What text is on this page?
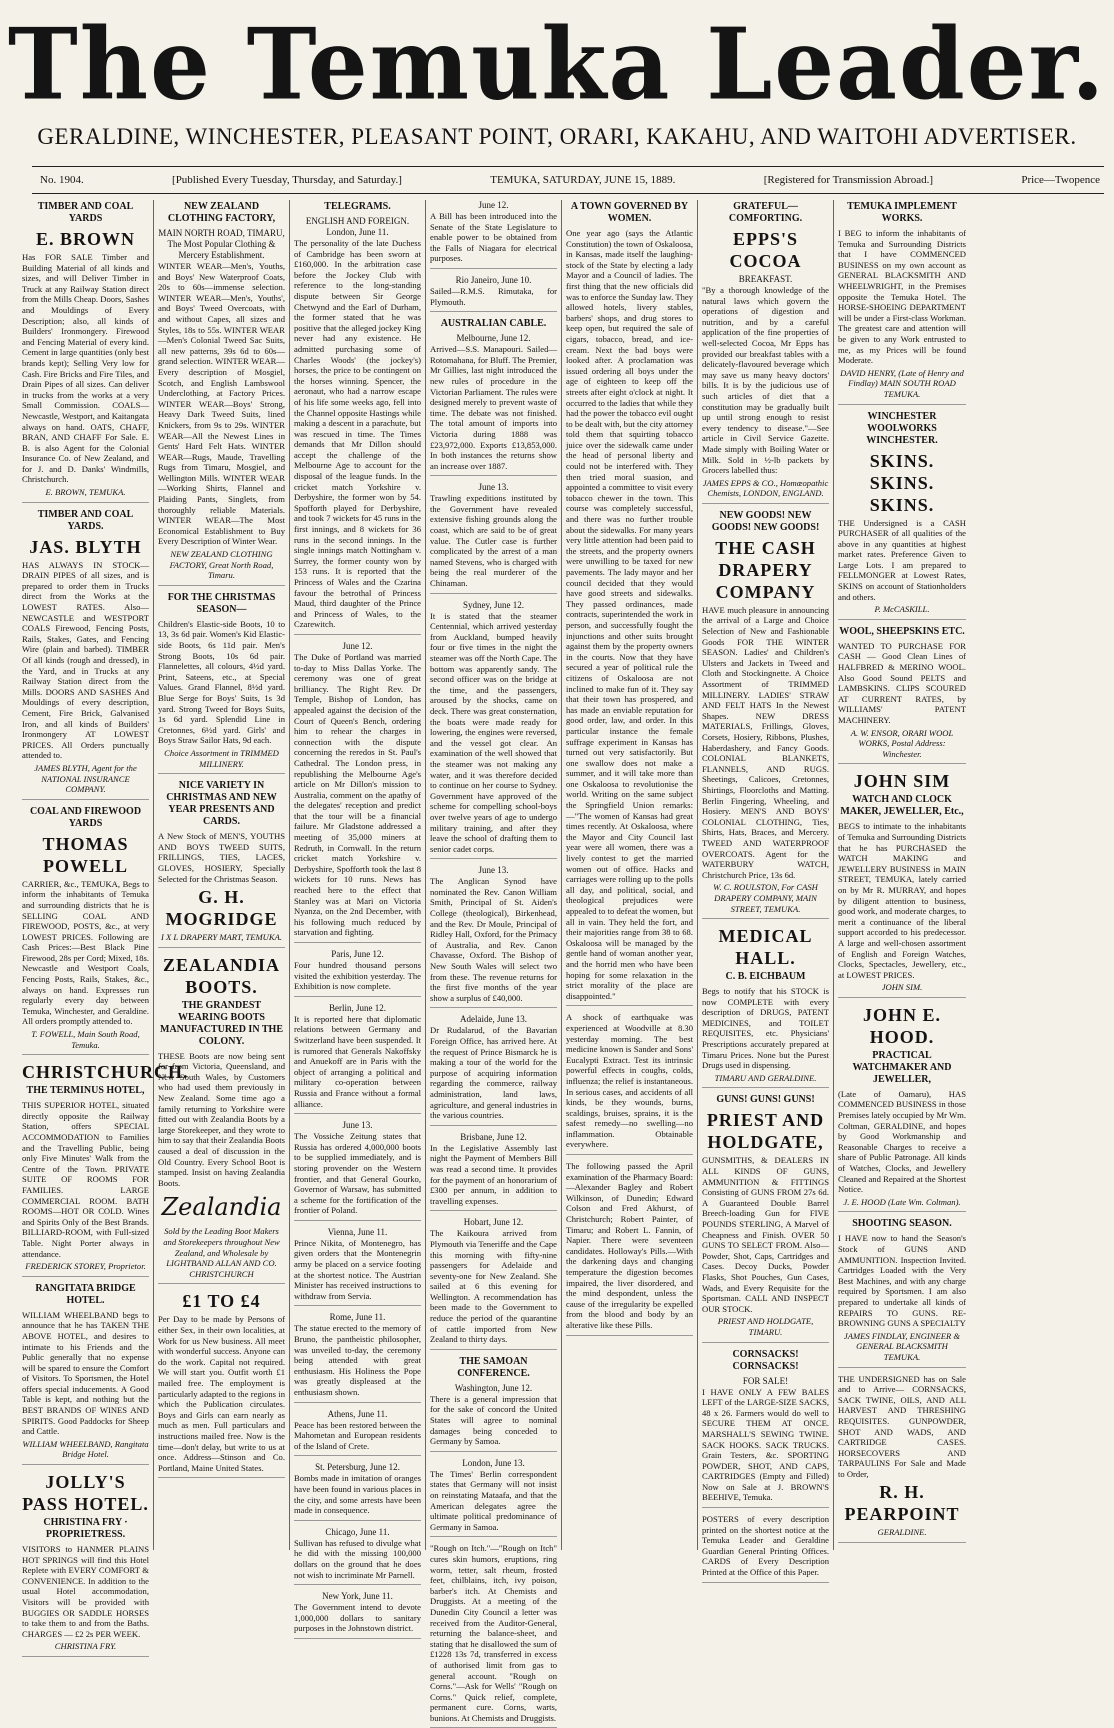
The Temuka Leader.
GERALDINE, WINCHESTER, PLEASANT POINT, ORARI, KAKAHU, AND WAITOHI ADVERTISER.
No. 1904.	[Published Every Tuesday, Thursday, and Saturday.]	TEMUKA, SATURDAY, JUNE 15, 1889.	[Registered for Transmission Abroad.]	Price—Twopence
TIMBER AND COAL YARDS
E. BROWN
Has FOR SALE Timber and Building Material of all kinds and sizes, and will Deliver Timber in Truck at any Railway Station direct from the Mills Cheap. Doors, Sashes and Mouldings of Every Description; also, all kinds of Builders' Ironmongery. Firewood and Fencing Material of every kind. Cement in large quantities (only best brands kept); Selling Very low for Cash. Fire Bricks and Fire Tiles, and Drain Pipes of all sizes. Can deliver in trucks from the works at a very Small Commission. COALS—Newcastle, Westport, and Kaitangata always on hand. OATS, CHAFF, BRAN, AND CHAFF For Sale. E. B. is also Agent for the Colonial Insurance Co. of New Zealand, and for J. and D. Danks' Windmills, Christchurch.
E. BROWN, TEMUKA.
TIMBER AND COAL YARDS.
JAS. BLYTH
HAS ALWAYS IN STOCK— DRAIN PIPES of all sizes, and is prepared to order them in Trucks direct from the Works at the LOWEST RATES. Also— NEWCASTLE and WESTPORT COALS Firewood, Fencing Posts, Rails, Stakes, Gates, and Fencing Wire (plain and barbed). TIMBER Of all kinds (rough and dressed), in the Yard, and in Trucks at any Railway Station direct from the Mills. DOORS AND SASHES And Mouldings of every description, Cement, Fire Brick, Galvanised Iron, and all kinds of Builders' Ironmongery AT LOWEST PRICES. All Orders punctually attended to.
JAMES BLYTH, Agent for the NATIONAL INSURANCE COMPANY.
COAL AND FIREWOOD YARDS
THOMAS POWELL
CARRIER, &c., TEMUKA, Begs to inform the inhabitants of Temuka and surrounding districts that he is SELLING COAL AND FIREWOOD, POSTS, &c., at very LOWEST PRICES. Following are Cash Prices:—Best Black Pine Firewood, 28s per Cord; Mixed, 18s. Newcastle and Westport Coals, Fencing Posts, Rails, Stakes, &c., always on hand. Expresses run regularly every day between Temuka, Winchester, and Geraldine. All orders promptly attended to.
T. FOWELL, Main South Road, Temuka.
CHRISTCHURCH.
THE TERMINUS HOTEL,
THIS SUPERIOR HOTEL, situated directly opposite the Railway Station, offers SPECIAL ACCOMMODATION to Families and the Travelling Public, being only Five Minutes' Walk from the Centre of the Town. PRIVATE SUITE OF ROOMS FOR FAMILIES. LARGE COMMERCIAL ROOM. BATH ROOMS—HOT OR COLD. Wines and Spirits Only of the Best Brands. BILLIARD-ROOM, with Full-sized Table. Night Porter always in attendance.
FREDERICK STOREY, Proprietor.
RANGITATA BRIDGE HOTEL.
WILLIAM WHEELBAND begs to announce that he has TAKEN THE ABOVE HOTEL, and desires to intimate to his Friends and the Public generally that no expense will be spared to ensure the Comfort of Visitors. To Sportsmen, the Hotel offers special inducements. A Good Table is kept, and nothing but the BEST BRANDS OF WINES AND SPIRITS. Good Paddocks for Sheep and Cattle.
WILLIAM WHEELBAND, Rangitata Bridge Hotel.
JOLLY'S PASS HOTEL.
CHRISTINA FRY · PROPRIETRESS.
VISITORS to HANMER PLAINS HOT SPRINGS will find this Hotel Replete with EVERY COMFORT & CONVENIENCE. In addition to the usual Hotel accommodation, Visitors will be provided with BUGGIES OR SADDLE HORSES to take them to and from the Baths. CHARGES — £2 2s PER WEEK.
CHRISTINA FRY.
NEW ZEALAND CLOTHING FACTORY,
MAIN NORTH ROAD, TIMARU, The Most Popular Clothing & Mercery Establishment.
WINTER WEAR—Men's, Youths, and Boys' New Waterproof Coats, 20s to 60s—immense selection. WINTER WEAR—Men's, Youths', and Boys' Tweed Overcoats, with and without Capes, all sizes and Styles, 18s to 55s. WINTER WEAR—Men's Colonial Tweed Sac Suits, all new patterns, 39s 6d to 60s—grand selection. WINTER WEAR—Every description of Mosgiel, Scotch, and English Lambswool Underclothing, at Factory Prices. WINTER WEAR—Boys' Strong, Heavy Dark Tweed Suits, lined Knickers, from 9s to 29s. WINTER WEAR—All the Newest Lines in Gents' Hard Felt Hats. WINTER WEAR—Rugs, Maude, Travelling Rugs from Timaru, Mosgiel, and Wellington Mills. WINTER WEAR—Working Shirts, Flannel and Plaiding Pants, Singlets, from thoroughly reliable Materials. WINTER WEAR—The Most Economical Establishment to Buy Every Description of Winter Wear.
NEW ZEALAND CLOTHING FACTORY, Great North Road, Timaru.
FOR THE CHRISTMAS SEASON—
Children's Elastic-side Boots, 10 to 13, 3s 6d pair. Women's Kid Elastic-side Boots, 6s 11d pair. Men's Strong Boots, 10s 6d pair. Flannelettes, all colours, 4½d yard. Print, Sateens, etc., at Special Values. Grand Flannel, 8½d yard. Blue Serge for Boys' Suits, 1s 3d yard. Strong Tweed for Boys Suits, 1s 6d yard. Splendid Line in Cretonnes, 6½d yard. Girls' and Boys Straw Sailor Hats, 9d each.
Choice Assortment in TRIMMED MILLINERY.
NICE VARIETY IN CHRISTMAS AND NEW YEAR PRESENTS AND CARDS.
A New Stock of MEN'S, YOUTHS AND BOYS TWEED SUITS, FRILLINGS, TIES, LACES, GLOVES, HOSIERY, Specially Selected for the Christmas Season.
G. H. MOGRIDGE
I X L DRAPERY MART, TEMUKA.
ZEALANDIA BOOTS.
THE GRANDEST WEARING BOOTS MANUFACTURED IN THE COLONY.
THESE Boots are now being sent for from Victoria, Queensland, and New South Wales, by Customers who had used them previously in New Zealand. Some time ago a family returning to Yorkshire were fitted out with Zealandia Boots by a large Storekeeper, and they wrote to him to say that their Zealandia Boots caused a deal of discussion in the Old Country. Every School Boot is stamped. Insist on having Zealandia Boots.
Zealandia
Sold by the Leading Boot Makers and Storekeepers throughout New Zealand, and Wholesale by LIGHTBAND ALLAN AND CO. CHRISTCHURCH
£1 TO £4
Per Day to be made by Persons of either Sex, in their own localities, at Work for us New business. All meet with wonderful success. Anyone can do the work. Capital not required. We will start you. Outfit worth £1 mailed free. The employment is particularly adapted to the regions in which the Publication circulates. Boys and Girls can earn nearly as much as men. Full particulars and instructions mailed free. Now is the time—don't delay, but write to us at once. Address—Stinson and Co. Portland, Maine United States.
TELEGRAMS.
ENGLISH AND FOREIGN. London, June 11.
The personality of the late Duchess of Cambridge has been sworn at £160,000. In the arbitration case before the Jockey Club with reference to the long-standing dispute between Sir George Chetwynd and the Earl of Durham, the former stated that he was positive that the alleged jockey King never had any existence. He admitted purchasing some of Charles Woods' (the jockey's) horses, the price to be contingent on the horses winning. Spencer, the aeronaut, who had a narrow escape of his life some weeks ago, fell into the Channel opposite Hastings while making a descent in a parachute, but was rescued in time. The Times demands that Mr Dillon should accept the challenge of the Melbourne Age to account for the disposal of the league funds. In the cricket match Yorkshire v. Derbyshire, the former won by 54. Spofforth played for Derbyshire, and took 7 wickets for 45 runs in the first innings, and 8 wickets for 36 runs in the second innings. In the single innings match Nottingham v. Surrey, the former county won by 153 runs. It is reported that the Princess of Wales and the Czarina favour the betrothal of Princess Maud, third daughter of the Prince and Princess of Wales, to the Czarewitch.
June 12.
The Duke of Portland was married to-day to Miss Dallas Yorke. The ceremony was one of great brilliancy. The Right Rev. Dr Temple, Bishop of London, has appealed against the decision of the Court of Queen's Bench, ordering him to rehear the charges in connection with the dispute concerning the reredos in St. Paul's Cathedral. The London press, in republishing the Melbourne Age's article on Mr Dillon's mission to Australia, comment on the apathy of the delegates' reception and predict that the tour will be a financial failure. Mr Gladstone addressed a meeting of 35,000 miners at Redruth, in Cornwall. In the return cricket match Yorkshire v. Derbyshire, Spofforth took the last 8 wickets for 10 runs. News has reached here to the effect that Stanley was at Mari on Victoria Nyanza, on the 2nd December, with his following much reduced by starvation and fighting.
Paris, June 12.
Four hundred thousand persons visited the exhibition yesterday. The Exhibition is now complete.
Berlin, June 12.
It is reported here that diplomatic relations between Germany and Switzerland have been suspended. It is rumored that Generals Nakoffsky and Anuekoff are in Paris with the object of arranging a political and military co-operation between Russia and France without a formal alliance.
June 13.
The Vossiche Zeitung states that Russia has ordered 4,000,000 boots to be supplied immediately, and is storing provender on the Western frontier, and that General Gourko, Governor of Warsaw, has submitted a scheme for the fortification of the frontier of Poland.
Vienna, June 11.
Prince Nikita, of Montenegro, has given orders that the Montenegrin army be placed on a service footing at the shortest notice. The Austrian Minister has received instructions to withdraw from Servia.
Rome, June 11.
The statue erected to the memory of Bruno, the pantheistic philosopher, was unveiled to-day, the ceremony being attended with great enthusiasm. His Holiness the Pope was greatly displeased at the enthusiasm shown.
Athens, June 11.
Peace has been restored between the Mahometan and European residents of the Island of Crete.
St. Petersburg, June 12.
Bombs made in imitation of oranges have been found in various places in the city, and some arrests have been made in consequence.
Chicago, June 11.
Sullivan has refused to divulge what he did with the missing 100,000 dollars on the ground that he does not wish to incriminate Mr Parnell.
New York, June 11.
The Government intend to devote 1,000,000 dollars to sanitary purposes in the Johnstown district.
June 12.
A Bill has been introduced into the Senate of the State Legislature to enable power to be obtained from the Falls of Niagara for electrical purposes.
Rio Janeiro, June 10.
Sailed—R.M.S. Rimutaka, for Plymouth.
AUSTRALIAN CABLE.
Melbourne, June 12.
Arrived—S.S. Manapouri. Sailed—Rotomahana, for Bluff. The Premier, Mr Gillies, last night introduced the new rules of procedure in the Victorian Parliament. The rules were designed merely to prevent waste of time. The debate was not finished. The total amount of imports into Victoria during 1888 was £23,972,000. Exports £13,853,000. In both instances the returns show an increase over 1887.
June 13.
Trawling expeditions instituted by the Government have revealed extensive fishing grounds along the coast, which are said to be of great value. The Cutler case is further complicated by the arrest of a man named Stevens, who is charged with being the real murderer of the Chinaman.
Sydney, June 12.
It is stated that the steamer Centennial, which arrived yesterday from Auckland, bumped heavily four or five times in the night the steamer was off the North Cape. The bottom was apparently sandy. The second officer was on the bridge at the time, and the passengers, aroused by the shocks, came on deck. There was great consternation, the boats were made ready for lowering, the engines were reversed, and the vessel got clear. An examination of the well showed that the steamer was not making any water, and it was therefore decided to continue on her course to Sydney. Government have approved of the scheme for compelling school-boys over twelve years of age to undergo military training, and after they leave the school of drafting them to senior cadet corps.
June 13.
The Anglican Synod have nominated the Rev. Canon William Smith, Principal of St. Aiden's College (theological), Birkenhead, and the Rev. Dr Moule, Principal of Ridley Hall, Oxford, for the Primacy of Australia, and Rev. Canon Chavasse, Oxford. The Bishop of New South Wales will select two from these. The revenue returns for the first five months of the year show a surplus of £40,000.
Adelaide, June 13.
Dr Rudalarud, of the Bavarian Foreign Office, has arrived here. At the request of Prince Bismarck he is making a tour of the world for the purpose of acquiring information regarding the commerce, railway administration, land laws, agriculture, and general industries in the various countries.
Brisbane, June 12.
In the Legislative Assembly last night the Payment of Members Bill was read a second time. It provides for the payment of an honorarium of £300 per annum, in addition to travelling expenses.
Hobart, June 12.
The Kaikoura arrived from Plymouth via Teneriffe and the Cape this morning with fifty-nine passengers for Adelaide and seventy-one for New Zealand. She sailed at 6 this evening for Wellington. A recommendation has been made to the Government to reduce the period of the quarantine of cattle imported from New Zealand to thirty days.
THE SAMOAN CONFERENCE.
Washington, June 12.
There is a general impression that for the sake of concord the United States will agree to nominal damages being conceded to Germany by Samoa.
London, June 13.
The Times' Berlin correspondent states that Germany will not insist on reinstating Mataafa, and that the American delegates agree the ultimate political predominance of Germany in Samoa.
"Rough on Itch."—"Rough on Itch" cures skin humors, eruptions, ring worm, tetter, salt rheum, frosted feet, chilblains, itch, ivy poison, barber's itch. At Chemists and Druggists. At a meeting of the Dunedin City Council a letter was received from the Auditor-General, returning the balance-sheet, and stating that he disallowed the sum of £1228 13s 7d, transferred in excess of authorised limit from gas to general account. "Rough on Corns."—Ask for Wells' "Rough on Corns." Quick relief, complete, permanent cure. Corns, warts, bunions. At Chemists and Druggists.
A TOWN GOVERNED BY WOMEN.
One year ago (says the Atlantic Constitution) the town of Oskaloosa, in Kansas, made itself the laughing-stock of the State by electing a lady Mayor and a Council of ladies. The first thing that the new officials did was to enforce the Sunday law. They allowed hotels, livery stables, barbers' shops, and drug stores to keep open, but required the sale of cigars, tobacco, bread, and ice-cream. Next the bad boys were looked after. A proclamation was issued ordering all boys under the age of eighteen to keep off the streets after eight o'clock at night. It occurred to the ladies that while they had the power the tobacco evil ought to be dealt with, but the city attorney told them that squirting tobacco juice over the sidewalk came under the head of personal liberty and could not be interfered with. They then tried moral suasion, and appointed a committee to visit every tobacco chewer in the town. This course was completely successful, and there was no further trouble about the sidewalks. For many years very little attention had been paid to the streets, and the property owners were unwilling to be taxed for new pavements. The lady mayor and her council decided that they would have good streets and sidewalks. They passed ordinances, made contracts, superintended the work in person, and successfully fought the injunctions and other suits brought against them by the property owners in the courts. Now that they have secured a year of political rule the citizens of Oskaloosa are not inclined to make fun of it. They say that their town has prospered, and has made an enviable reputation for good order, law, and order. In this particular instance the female suffrage experiment in Kansas has turned out very satisfactorily. But one swallow does not make a summer, and it will take more than one Oskaloosa to revolutionise the world. Writing on the same subject the Springfield Union remarks:—"The women of Kansas had great times recently. At Oskaloosa, where the Mayor and City Council last year were all women, there was a lively contest to get the married women out of office. Hacks and carriages were rolling up to the polls all day, and political, social, and theological prejudices were appealed to to defeat the women, but all in vain. They held the fort, and their majorities range from 38 to 68. Oskaloosa will be managed by the gentle hand of woman another year, and the horrid men who have been hoping for some relaxation in the strict morality of the place are disappointed."
A shock of earthquake was experienced at Woodville at 8.30 yesterday morning. The best medicine known is Sander and Sons' Eucalypti Extract. Test its intrinsic powerful effects in coughs, colds, influenza; the relief is instantaneous. In serious cases, and accidents of all kinds, be they wounds, burns, scaldings, bruises, sprains, it is the safest remedy—no swelling—no inflammation. Obtainable everywhere.
The following passed the April examination of the Pharmacy Board:—Alexander Bagley and Robert Wilkinson, of Dunedin; Edward Colson and Fred Akhurst, of Christchurch; Robert Painter, of Timaru; and Robert L. Fannin, of Napier. There were seventeen candidates. Holloway's Pills.—With the darkening days and changing temperature the digestion becomes impaired, the liver disordered, and the mind despondent, unless the cause of the irregularity be expelled from the blood and body by an alterative like these Pills.
GRATEFUL—COMFORTING.
EPPS'S COCOA
BREAKFAST.
"By a thorough knowledge of the natural laws which govern the operations of digestion and nutrition, and by a careful application of the fine properties of well-selected Cocoa, Mr Epps has provided our breakfast tables with a delicately-flavoured beverage which may save us many heavy doctors' bills. It is by the judicious use of such articles of diet that a constitution may be gradually built up until strong enough to resist every tendency to disease."—See article in Civil Service Gazette. Made simply with Boiling Water or Milk. Sold in ½-lb packets by Grocers labelled thus:
JAMES EPPS & CO., Homœopathic Chemists, LONDON, ENGLAND.
NEW GOODS! NEW GOODS! NEW GOODS!
THE CASH DRAPERY COMPANY
HAVE much pleasure in announcing the arrival of a Large and Choice Selection of New and Fashionable Goods FOR THE WINTER SEASON. Ladies' and Children's Ulsters and Jackets in Tweed and Cloth and Stockingnette. A Choice Assortment of TRIMMED MILLINERY. LADIES' STRAW AND FELT HATS In the Newest Shapes. NEW DRESS MATERIALS, Frillings, Gloves, Corsets, Hosiery, Ribbons, Plushes, Haberdashery, and Fancy Goods. COLONIAL BLANKETS, FLANNELS, AND RUGS. Sheetings, Calicoes, Cretonnes, Shirtings, Floorcloths and Matting. Berlin Fingering, Wheeling, and Hosiery. MEN'S AND BOYS' COLONIAL CLOTHING, Ties, Shirts, Hats, Braces, and Mercery. TWEED AND WATERPROOF OVERCOATS. Agent for the WATERBURY WATCH, Christchurch Price, 13s 6d.
W. C. ROULSTON, For CASH DRAPERY COMPANY, MAIN STREET, TEMUKA.
MEDICAL HALL.
C. B. EICHBAUM
Begs to notify that his STOCK is now COMPLETE with every description of DRUGS, PATENT MEDICINES, and TOILET REQUISITES, etc. Physicians' Prescriptions accurately prepared at Timaru Prices. None but the Purest Drugs used in dispensing.
TIMARU AND GERALDINE.
GUNS! GUNS! GUNS!
PRIEST AND HOLDGATE,
GUNSMITHS, & DEALERS IN ALL KINDS OF GUNS, AMMUNITION & FITTINGS Consisting of GUNS FROM 27s 6d. A Guaranteed Double Barrel Breech-loading Gun for FIVE POUNDS STERLING, A Marvel of Cheapness and Finish. OVER 50 GUNS TO SELECT FROM. Also— Powder, Shot, Caps, Cartridges and Cases. Decoy Ducks, Powder Flasks, Shot Pouches, Gun Cases, Wads, and Every Requisite for the Sportsman. CALL AND INSPECT OUR STOCK.
PRIEST AND HOLDGATE, TIMARU.
CORNSACKS! CORNSACKS!
FOR SALE!
I HAVE ONLY A FEW BALES LEFT of the LARGE-SIZE SACKS, 48 x 26. Farmers would do well to SECURE THEM AT ONCE. MARSHALL'S SEWING TWINE. SACK HOOKS. SACK TRUCKS. Grain Testers, &c. SPORTING POWDER, SHOT, AND CAPS, CARTRIDGES (Empty and Filled) Now on Sale at J. BROWN'S BEEHIVE, Temuka.
POSTERS of every description printed on the shortest notice at the Temuka Leader and Geraldine Guardian General Printing Offices. CARDS of Every Description Printed at the Office of this Paper.
TEMUKA IMPLEMENT WORKS.
I BEG to inform the inhabitants of Temuka and Surrounding Districts that I have COMMENCED BUSINESS on my own account as GENERAL BLACKSMITH AND WHEELWRIGHT, in the Premises opposite the Temuka Hotel. The HORSE-SHOEING DEPARTMENT will be under a First-class Workman. The greatest care and attention will be given to any Work entrusted to me, as my Prices will be found Moderate.
DAVID HENRY, (Late of Henry and Findlay) MAIN SOUTH ROAD TEMUKA.
WINCHESTER WOOLWORKS WINCHESTER.
SKINS. SKINS. SKINS.
THE Undersigned is a CASH PURCHASER of all qualities of the above in any quantities at highest market rates. Preference Given to Large Lots. I am prepared to FELLMONGER at Lowest Rates, SKINS on account of Stationholders and others.
P. McCASKILL.
WOOL, SHEEPSKINS ETC.
WANTED TO PURCHASE FOR CASH — Good Clean Lines of HALFBRED & MERINO WOOL. Also Good Sound PELTS and LAMBSKINS. CLIPS SCOURED AT CURRENT RATES, by WILLIAMS' PATENT MACHINERY.
A. W. ENSOR, ORARI WOOL WORKS, Postal Address: Winchester.
JOHN SIM
WATCH AND CLOCK MAKER, JEWELLER, Etc.,
BEGS to intimate to the inhabitants of Temuka and Surrounding Districts that he has PURCHASED the WATCH MAKING and JEWELLERY BUSINESS in MAIN STREET, TEMUKA, lately carried on by Mr R. MURRAY, and hopes by diligent attention to business, good work, and moderate charges, to merit a continuance of the liberal support accorded to his predecessor. A large and well-chosen assortment of English and Foreign Watches, Clocks, Spectacles, Jewellery, etc., at LOWEST PRICES.
JOHN SIM.
JOHN E. HOOD.
PRACTICAL WATCHMAKER AND JEWELLER,
(Late of Oamaru), HAS COMMENCED BUSINESS in those Premises lately occupied by Mr Wm. Coltman, GERALDINE, and hopes by Good Workmanship and Reasonable Charges to receive a share of Public Patronage. All kinds of Watches, Clocks, and Jewellery Cleaned and Repaired at the Shortest Notice.
J. E. HOOD (Late Wm. Coltman).
SHOOTING SEASON.
I HAVE now to hand the Season's Stock of GUNS AND AMMUNITION. Inspection Invited. Cartridges Loaded with the Very Best Machines, and with any charge required by Sportsmen. I am also prepared to undertake all kinds of REPAIRS TO GUNS. RE-BROWNING GUNS A SPECIALTY
JAMES FINDLAY, ENGINEER & GENERAL BLACKSMITH TEMUKA.
THE UNDERSIGNED has on Sale and to Arrive— CORNSACKS, SACK TWINE, OILS, AND ALL HARVEST AND THRESHING REQUISITES. GUNPOWDER, SHOT AND WADS, AND CARTRIDGE CASES. HORSECOVERS AND TARPAULINS For Sale and Made to Order,
R. H. PEARPOINT
GERALDINE.
